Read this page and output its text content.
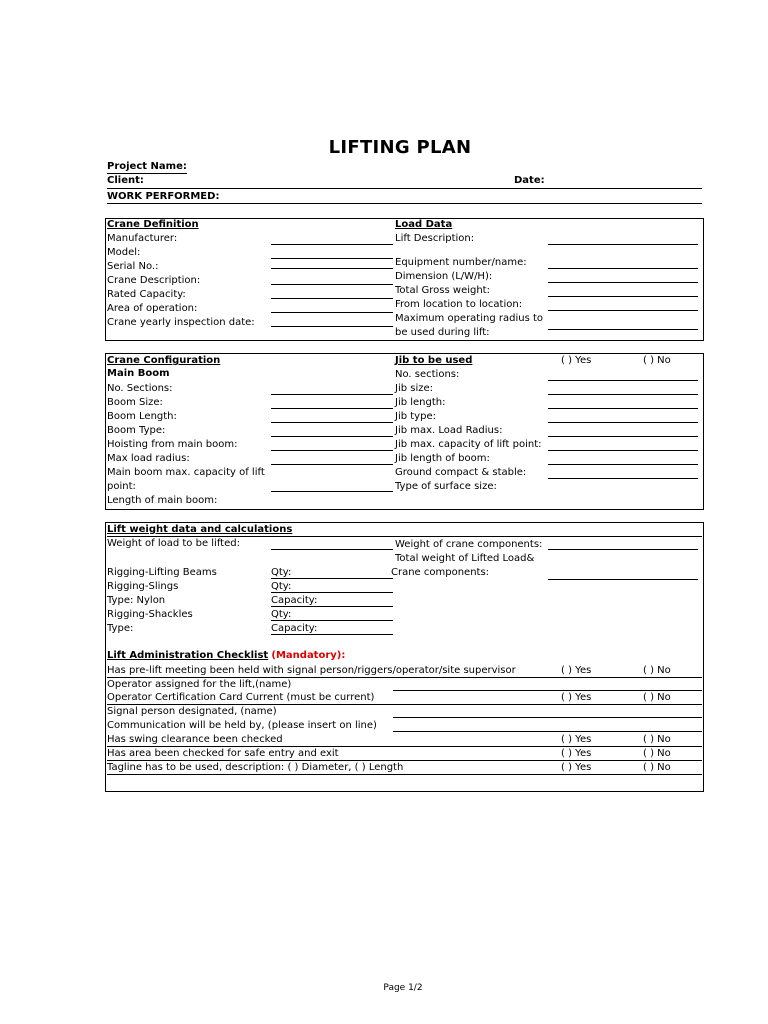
LIFTING PLAN
Project Name:
Client:	Date:
WORK PERFORMED:
Crane Definition
Manufacturer:
Model:
Serial No.:
Crane Description:
Rated Capacity:
Area of operation:
Crane yearly inspection date:
Load Data
Lift Description:
Equipment number/name:
Dimension (L/W/H):
Total Gross weight:
From location to location:
Maximum operating radius to
be used during lift:
Crane Configuration
Main Boom
No. Sections:
Boom Size:
Boom Length:
Boom Type:
Hoisting from main boom:
Max load radius:
Main boom max. capacity of lift
point:
Length of main boom:
Jib to be used	( ) Yes	( ) No
No. sections:
Jib size:
Jib length:
Jib type:
Jib max. Load Radius:
Jib max. capacity of lift point:
Jib length of boom:
Ground compact & stable:
Type of surface size:
Lift weight data and calculations
Weight of load to be lifted:	Weight of crane components:
Total weight of Lifted Load&
Crane components:
Rigging-Lifting Beams	Qty:
Rigging-Slings	Qty:
Type: Nylon	Capacity:
Rigging-Shackles	Qty:
Type:	Capacity:
Lift Administration Checklist (Mandatory):
Has pre-lift meeting been held with signal person/riggers/operator/site supervisor	( ) Yes	( ) No
Operator assigned for the lift,(name)
Operator Certification Card Current (must be current)	( ) Yes	( ) No
Signal person designated, (name)
Communication will be held by, (please insert on line)
Has swing clearance been checked	( ) Yes	( ) No
Has area been checked for safe entry and exit	( ) Yes	( ) No
Tagline has to be used, description: ( ) Diameter, ( ) Length	( ) Yes	( ) No
Page 1/2
